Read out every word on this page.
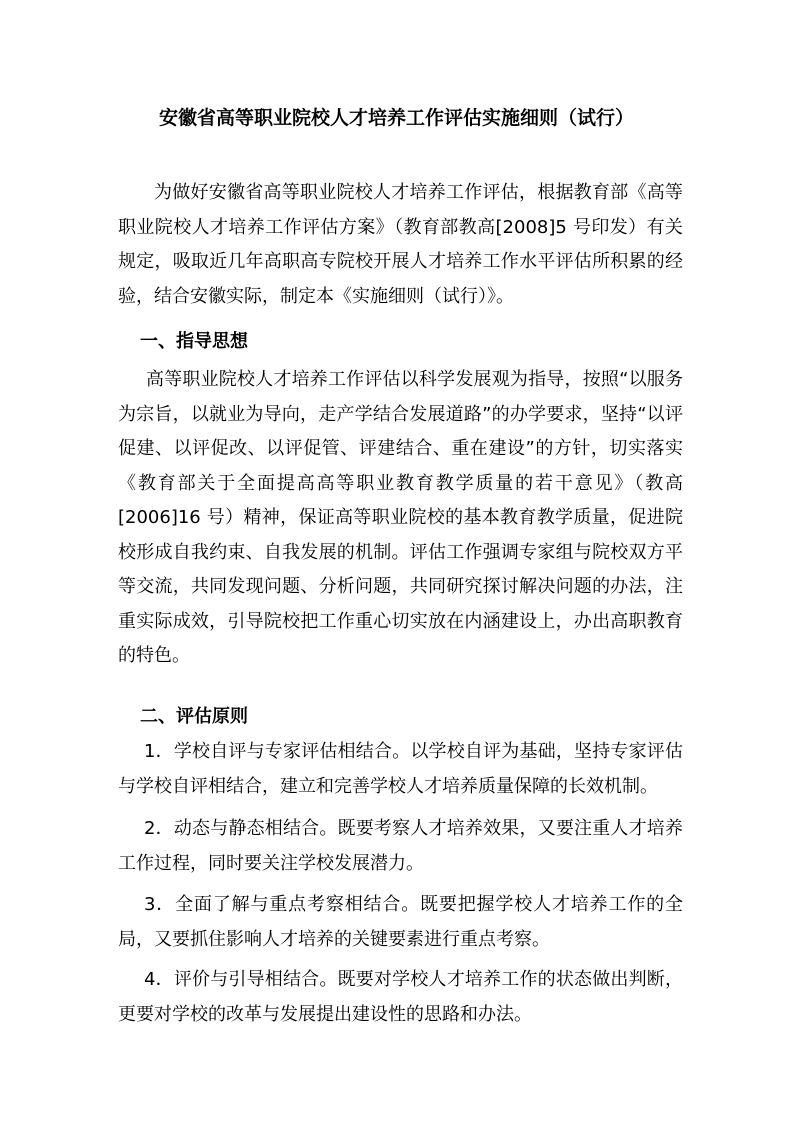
安徽省高等职业院校人才培养工作评估实施细则（试行）

为做好安徽省高等职业院校人才培养工作评估，根据教育部《高等职业院校人才培养工作评估方案》（教育部教高[2008]5 号印发）有关规定，吸取近几年高职高专院校开展人才培养工作水平评估所积累的经验，结合安徽实际，制定本《实施细则（试行）》。

一、指导思想

高等职业院校人才培养工作评估以科学发展观为指导，按照“以服务为宗旨，以就业为导向，走产学结合发展道路”的办学要求，坚持“以评促建、以评促改、以评促管、评建结合、重在建设”的方针，切实落实《教育部关于全面提高高等职业教育教学质量的若干意见》（教高[2006]16 号）精神，保证高等职业院校的基本教育教学质量，促进院校形成自我约束、自我发展的机制。评估工作强调专家组与院校双方平等交流，共同发现问题、分析问题，共同研究探讨解决问题的办法，注重实际成效，引导院校把工作重心切实放在内涵建设上，办出高职教育的特色。

二、评估原则

1．学校自评与专家评估相结合。以学校自评为基础，坚持专家评估与学校自评相结合，建立和完善学校人才培养质量保障的长效机制。

2．动态与静态相结合。既要考察人才培养效果，又要注重人才培养工作过程，同时要关注学校发展潜力。

3．全面了解与重点考察相结合。既要把握学校人才培养工作的全局，又要抓住影响人才培养的关键要素进行重点考察。

4．评价与引导相结合。既要对学校人才培养工作的状态做出判断，更要对学校的改革与发展提出建设性的思路和办法。
